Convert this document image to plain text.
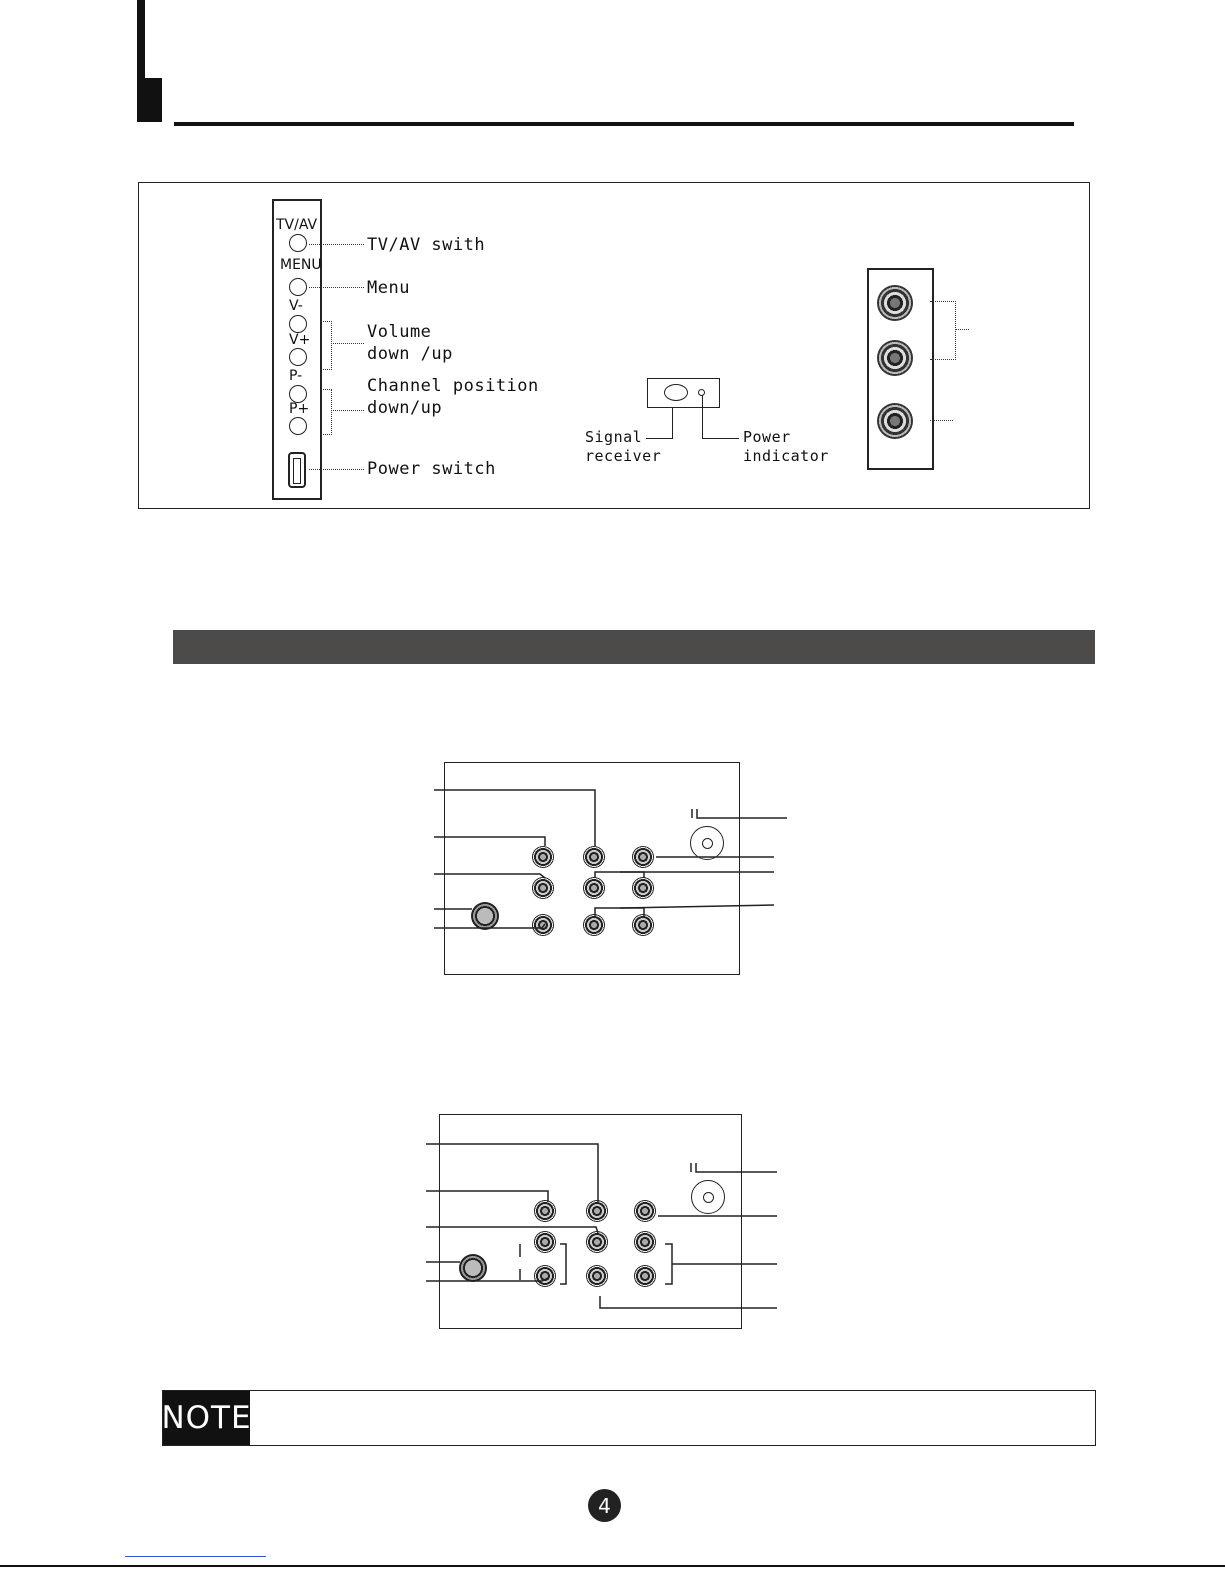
TV/AV
MENU
V-
V+
P-
P+
TV/AV swith
Menu
Volume
down /up
Channel position
down/up
Power switch
Signal
receiver
Power
indicator
NOTE
4
